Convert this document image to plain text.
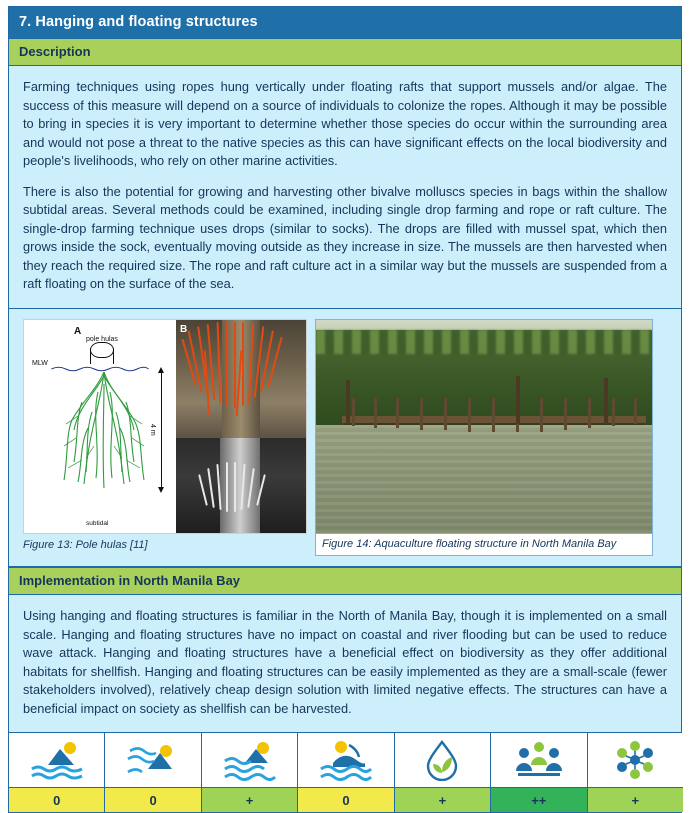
7. Hanging and floating structures
Description

Farming techniques using ropes hung vertically under floating rafts that support mussels and/or algae. The success of this measure will depend on a source of individuals to colonize the ropes. Although it may be possible to bring in species it is very important to determine whether those species do occur within the surrounding area and would not pose a threat to the native species as this can have significant effects on the local biodiversity and people's livelihoods, who rely on other marine activities.

There is also the potential for growing and harvesting other bivalve molluscs species in bags within the shallow subtidal areas. Several methods could be examined, including single drop farming and rope or raft culture. The single-drop farming technique uses drops (similar to socks). The drops are filled with mussel spat, which then grows inside the sock, eventually moving outside as they increase in size. The mussels are then harvested when they reach the required size. The rope and raft culture act in a similar way but the mussels are suspended from a raft floating on the surface of the sea.

A
pole hulas
MLW
4 m
subtidal
B
Figure 13: Pole hulas [11]	Figure 14: Aquaculture floating structure in North Manila Bay
Implementation in North Manila Bay

Using hanging and floating structures is familiar in the North of Manila Bay, though it is implemented on a small scale. Hanging and floating structures have no impact on coastal and river flooding but can be used to reduce wave attack. Hanging and floating structures have a beneficial effect on biodiversity as they offer additional habitats for shellfish. Hanging and floating structures can be easily implemented as they are a small-scale (fewer stakeholders involved), relatively cheap design solution with limited negative effects. The structures can have a beneficial impact on society as shellfish can be harvested.

0	0	+	0	+	++	+
